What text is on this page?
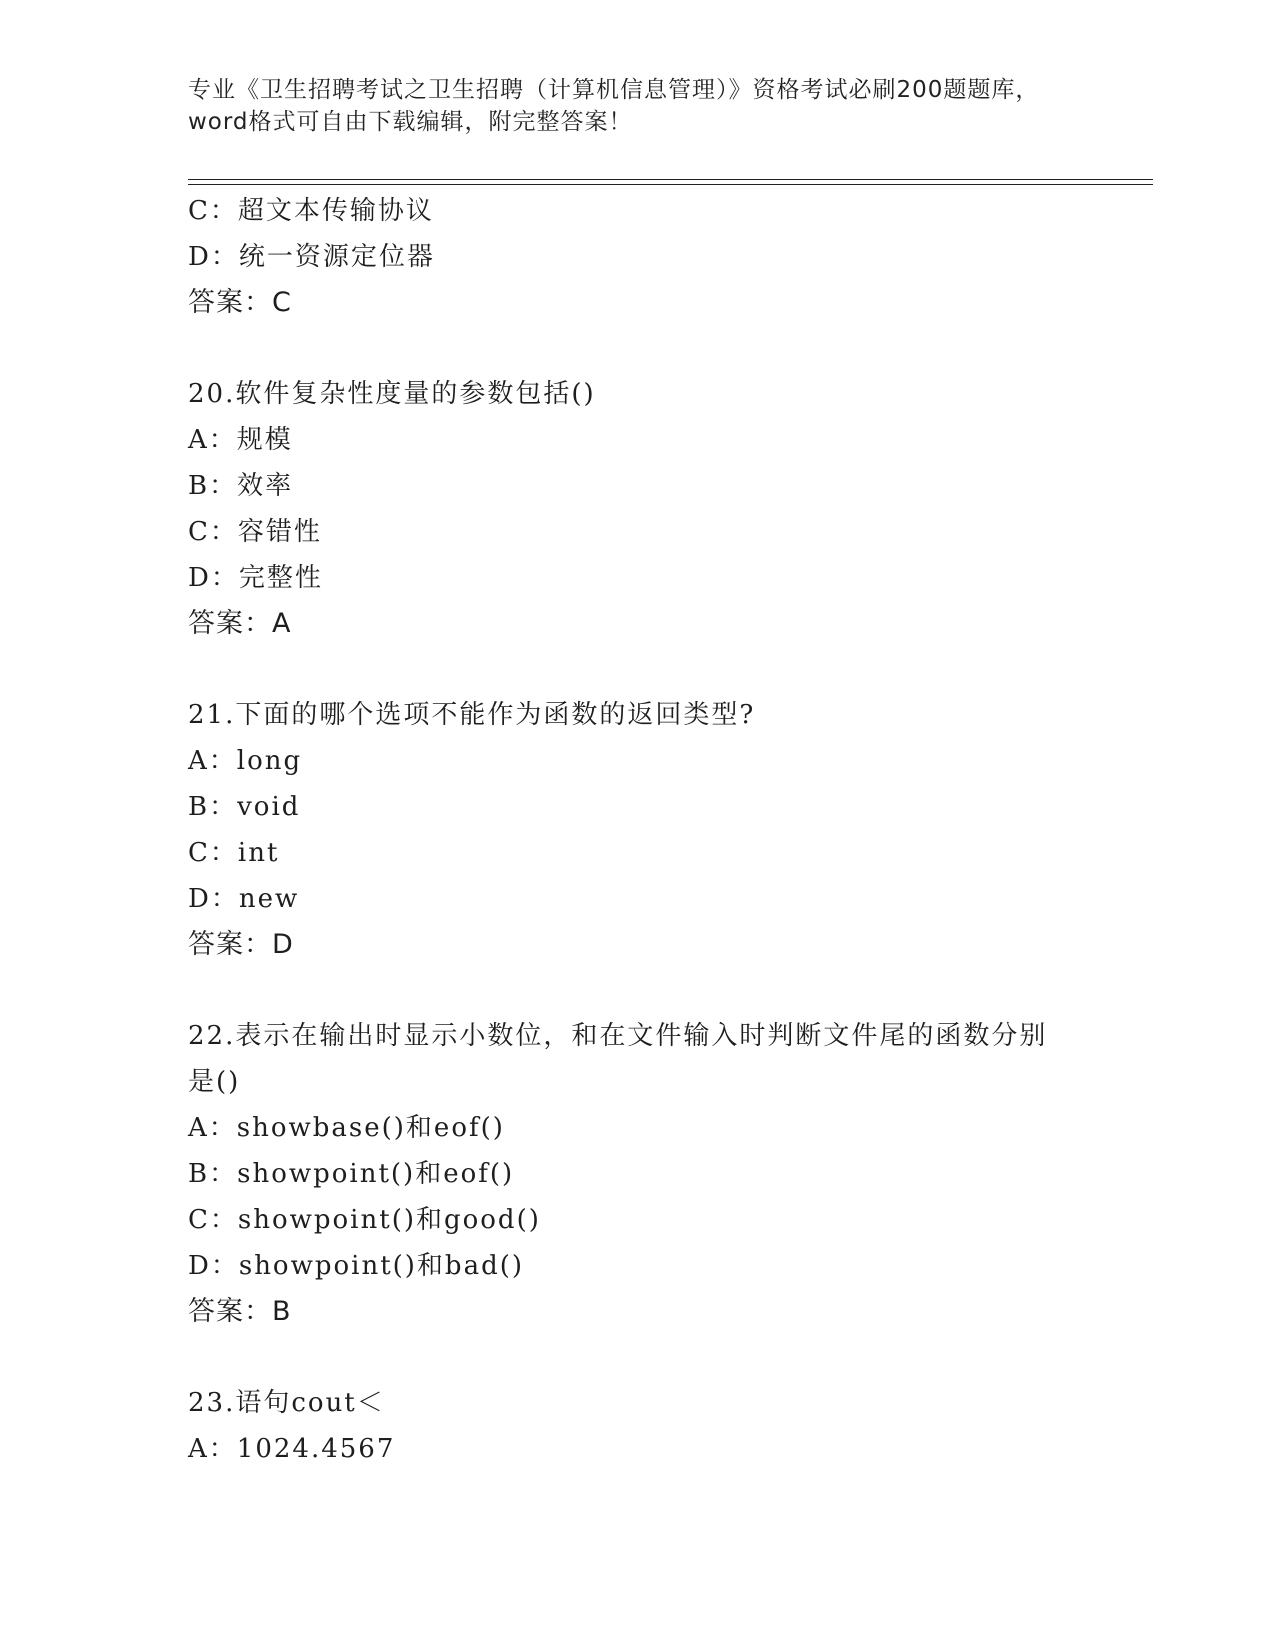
专业《卫生招聘考试之卫生招聘（计算机信息管理）》资格考试必刷200题题库，
word格式可自由下载编辑，附完整答案！
C：超文本传输协议
D：统一资源定位器
答案：C
20.软件复杂性度量的参数包括()
A：规模
B：效率
C：容错性
D：完整性
答案：A
21.下面的哪个选项不能作为函数的返回类型?
A：long
B：void
C：int
D：new
答案：D
22.表示在输出时显示小数位，和在文件输入时判断文件尾的函数分别
是()
A：showbase()和eof()
B：showpoint()和eof()
C：showpoint()和good()
D：showpoint()和bad()
答案：B
23.语句cout＜
A：1024.4567
